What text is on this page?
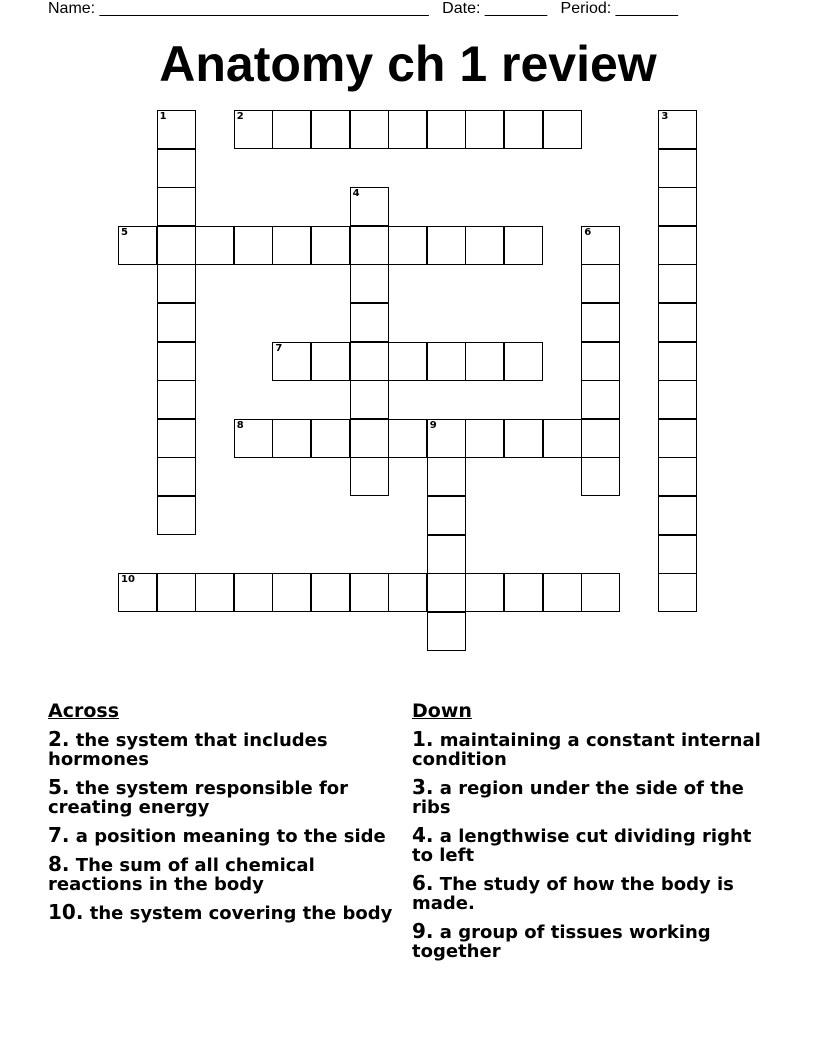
Name: _____________________________________ Date: _______ Period: _______
Anatomy ch 1 review
1	2	3
4
5	6
7
8	9
10
Across
2. the system that includes hormones
5. the system responsible for creating energy
7. a position meaning to the side
8. The sum of all chemical reactions in the body
10. the system covering the body
Down
1. maintaining a constant internal condition
3. a region under the side of the ribs
4. a lengthwise cut dividing right to left
6. The study of how the body is made.
9. a group of tissues working together
